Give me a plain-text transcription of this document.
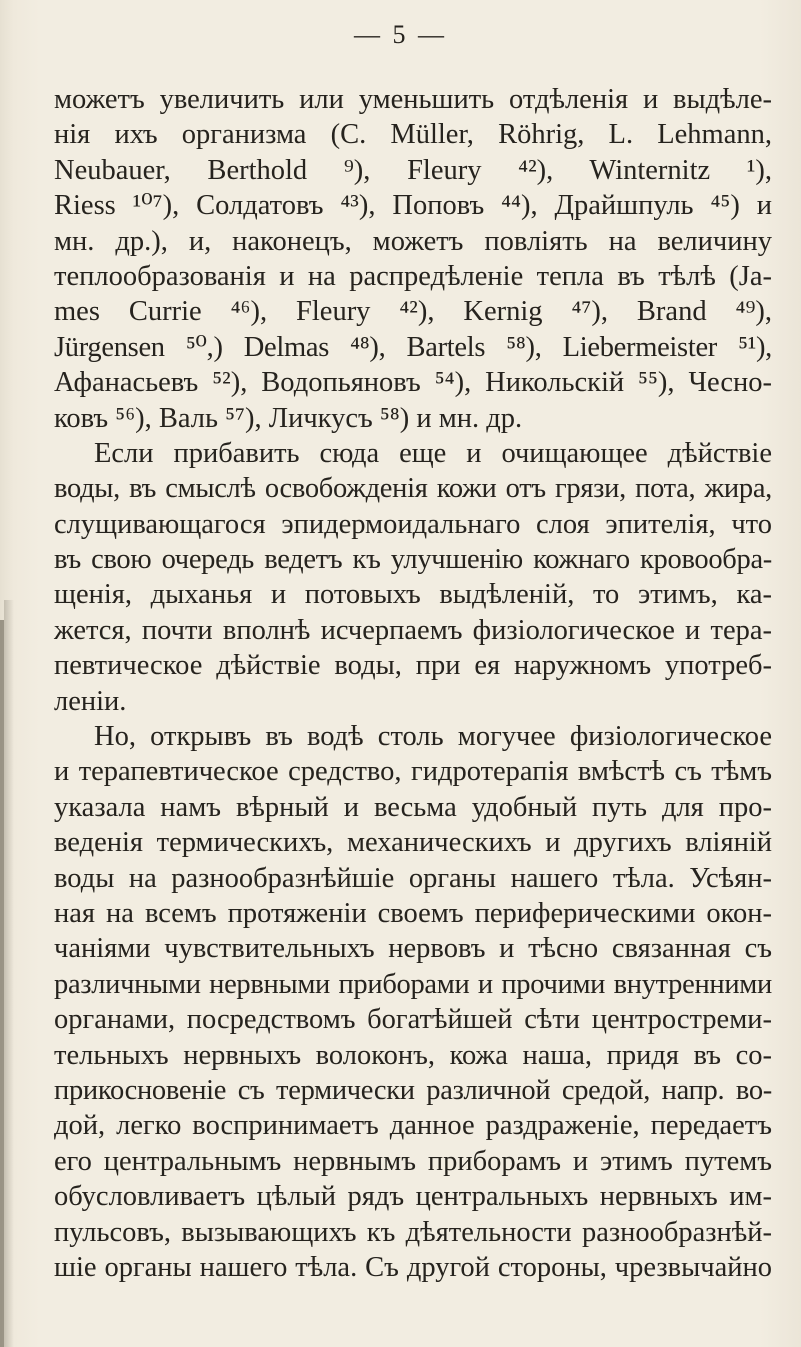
— 5 —
можетъ увеличить или уменьшить отдѣленія и выдѣле-
нія ихъ организма (С. Müller, Röhrig, L. Lehmann,
Neubauer, Berthold ⁹), Fleury ⁴²), Winternitz ¹),
Riess ¹⁰⁷), Солдатовъ ⁴³), Поповъ ⁴⁴), Драйшпуль ⁴⁵) и
мн. др.), и, наконецъ, можетъ повліять на величину
теплообразованія и на распредѣленіе тепла въ тѣлѣ (Ja-
mes Currie ⁴⁶), Fleury ⁴²), Kernig ⁴⁷), Brand ⁴⁹),
Jürgensen ⁵⁰,) Delmas ⁴⁸), Bartels ⁵⁸), Liebermeister ⁵¹),
Афанасьевъ ⁵²), Водопьяновъ ⁵⁴), Никольскій ⁵⁵), Чесно-
ковъ ⁵⁶), Валь ⁵⁷), Личкусъ ⁵⁸) и мн. др.
Если прибавить сюда еще и очищающее дѣйствіе
воды, въ смыслѣ освобожденія кожи отъ грязи, пота, жира,
слущивающагося эпидермоидальнаго слоя эпителія, что
въ свою очередь ведетъ къ улучшенію кожнаго кровообра-
щенія, дыханья и потовыхъ выдѣленій, то этимъ, ка-
жется, почти вполнѣ исчерпаемъ физіологическое и тера-
певтическое дѣйствіе воды, при ея наружномъ употреб-
леніи.
Но, открывъ въ водѣ столь могучее физіологическое
и терапевтическое средство, гидротерапія вмѣстѣ съ тѣмъ
указала намъ вѣрный и весьма удобный путь для про-
веденія термическихъ, механическихъ и другихъ вліяній
воды на разнообразнѣйшіе органы нашего тѣла. Усѣян-
ная на всемъ протяженіи своемъ периферическими окон-
чаніями чувствительныхъ нервовъ и тѣсно связанная съ
различными нервными приборами и прочими внутренними
органами, посредствомъ богатѣйшей сѣти центростреми-
тельныхъ нервныхъ волоконъ, кожа наша, придя въ со-
прикосновеніе съ термически различной средой, напр. во-
дой, легко воспринимаетъ данное раздраженіе, передаетъ
его центральнымъ нервнымъ приборамъ и этимъ путемъ
обусловливаетъ цѣлый рядъ центральныхъ нервныхъ им-
пульсовъ, вызывающихъ къ дѣятельности разнообразнѣй-
шіе органы нашего тѣла. Съ другой стороны, чрезвычайно
